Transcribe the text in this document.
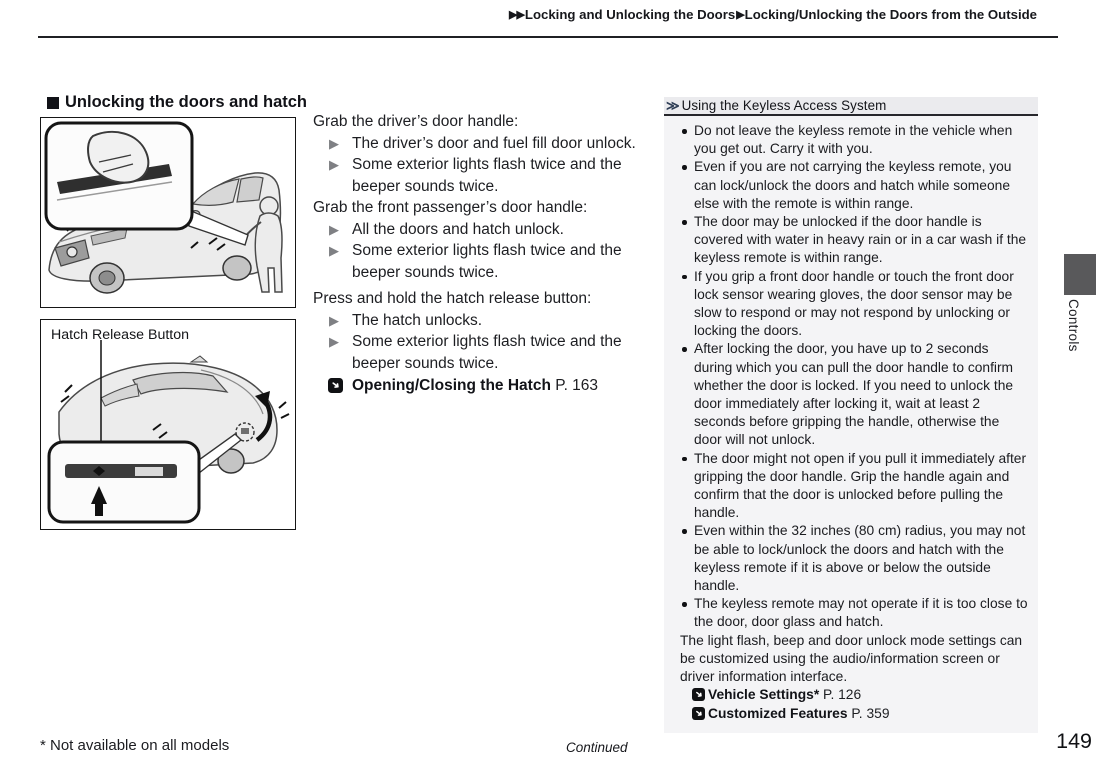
▶▶Locking and Unlocking the Doors▶Locking/Unlocking the Doors from the Outside
Unlocking the doors and hatch
Hatch Release Button
Grab the driver’s door handle:
▶ The driver’s door and fuel fill door unlock.
▶ Some exterior lights flash twice and the beeper sounds twice.
Grab the front passenger’s door handle:
▶ All the doors and hatch unlock.
▶ Some exterior lights flash twice and the beeper sounds twice.
Press and hold the hatch release button:
▶ The hatch unlocks.
▶ Some exterior lights flash twice and the beeper sounds twice.
➜ Opening/Closing the Hatch P. 163
≫ Using the Keyless Access System
Do not leave the keyless remote in the vehicle when you get out. Carry it with you.
Even if you are not carrying the keyless remote, you can lock/unlock the doors and hatch while someone else with the remote is within range.
The door may be unlocked if the door handle is covered with water in heavy rain or in a car wash if the keyless remote is within range.
If you grip a front door handle or touch the front door lock sensor wearing gloves, the door sensor may be slow to respond or may not respond by unlocking or locking the doors.
After locking the door, you have up to 2 seconds during which you can pull the door handle to confirm whether the door is locked. If you need to unlock the door immediately after locking it, wait at least 2 seconds before gripping the handle, otherwise the door will not unlock.
The door might not open if you pull it immediately after gripping the door handle. Grip the handle again and confirm that the door is unlocked before pulling the handle.
Even within the 32 inches (80 cm) radius, you may not be able to lock/unlock the doors and hatch with the keyless remote if it is above or below the outside handle.
The keyless remote may not operate if it is too close to the door, door glass and hatch.
The light flash, beep and door unlock mode settings can be customized using the audio/information screen or driver information interface.
➜ Vehicle Settings* P. 126
➜ Customized Features P. 359
Controls
* Not available on all models	Continued	149
